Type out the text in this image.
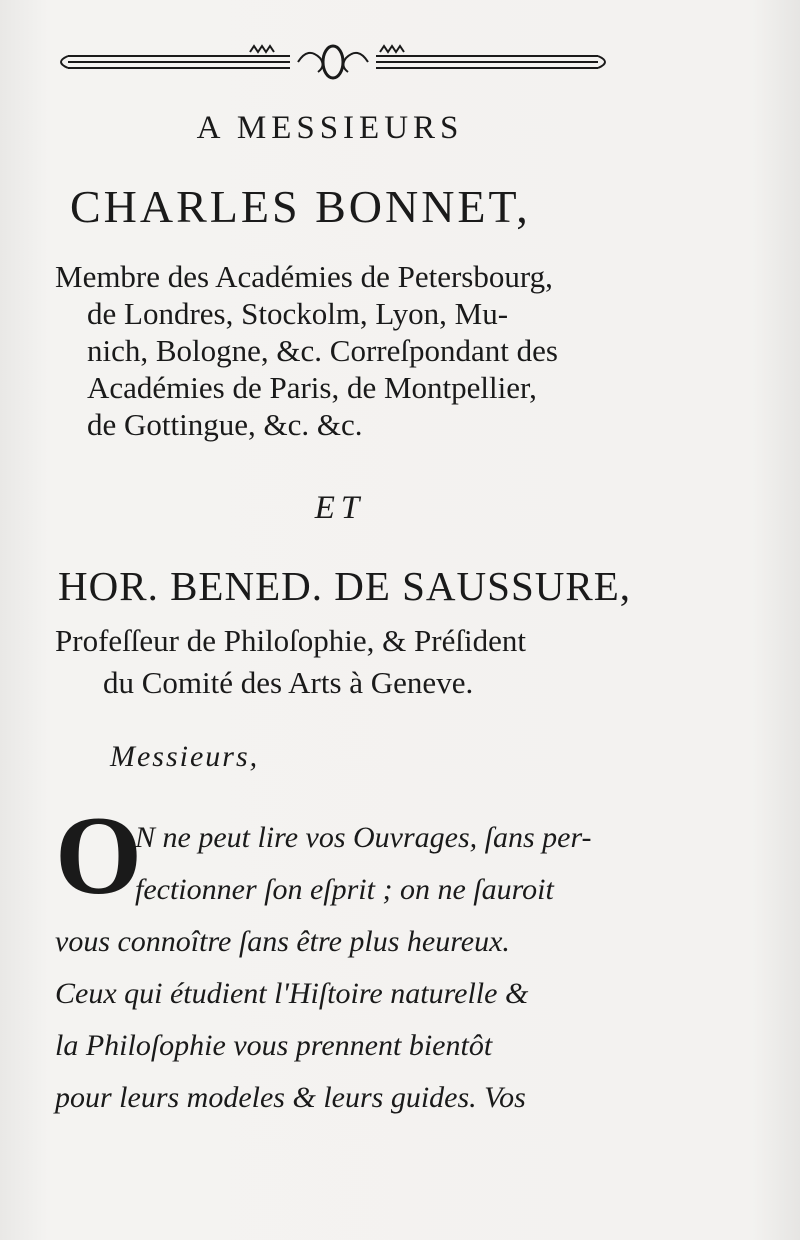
A MESSIEURS
CHARLES BONNET,

Membre des Académies de Petersbourg,
de Londres, Stockolm, Lyon, Mu-
nich, Bologne, &c. Correſpondant des
Académies de Paris, de Montpellier,
de Gottingue, &c. &c.

ET
HOR. BENED. DE SAUSSURE,

Profeſſeur de Philoſophie, & Préſident
du Comité des Arts à Geneve.

Messieurs,

O

N ne peut lire vos Ouvrages, ſans per-
fectionner ſon eſprit ; on ne ſauroit
vous connoître ſans être plus heureux.
Ceux qui étudient l'Hiſtoire naturelle &
la Philoſophie vous prennent bientôt
pour leurs modeles & leurs guides. Vos
